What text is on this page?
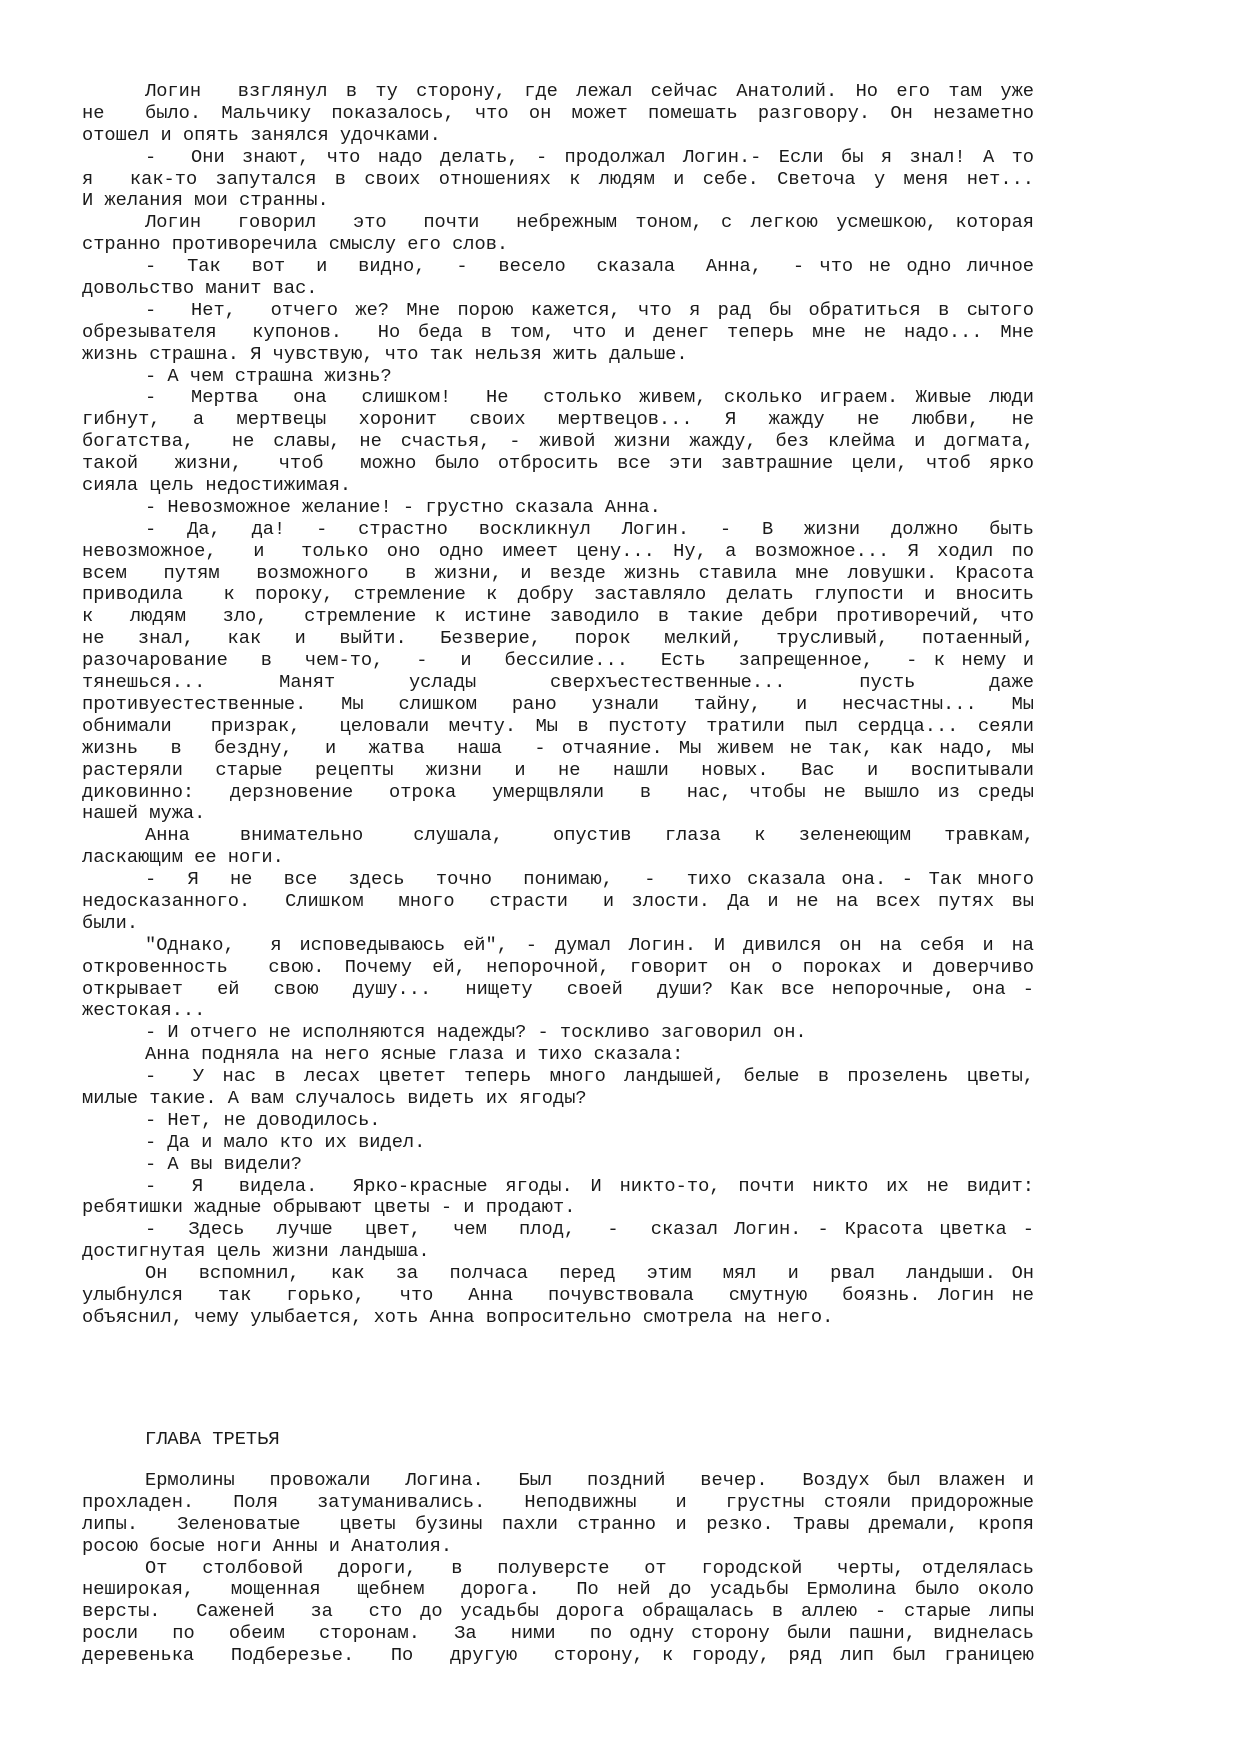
Логин  взглянул в ту сторону, где лежал сейчас Анатолий. Но его там уже
не  было. Мальчику показалось, что он может помешать разговору. Он незаметно
отошел и опять занялся удочками.
-  Они знают, что надо делать, - продолжал Логин.- Если бы я знал! А то
я  как-то запутался в своих отношениях к людям и себе. Светоча у меня нет...
И желания мои странны.
Логин  говорил  это  почти  небрежным тоном, с легкою усмешкою, которая
странно противоречила смыслу его слов.
-  Так  вот  и  видно,  -  весело  сказала  Анна,  - что не одно личное
довольство манит вас.
-  Нет,  отчего же? Мне порою кажется, что я рад бы обратиться в сытого
обрезывателя  купонов.  Но беда в том, что и денег теперь мне не надо... Мне
жизнь страшна. Я чувствую, что так нельзя жить дальше.
- А чем страшна жизнь?
-  Мертва  она  слишком!  Не  столько живем, сколько играем. Живые люди
гибнут,  а  мертвецы  хоронит  своих  мертвецов...  Я  жажду  не  любви,  не
богатства,  не славы, не счастья, - живой жизни жажду, без клейма и догмата,
такой  жизни,  чтоб  можно было отбросить все эти завтрашние цели, чтоб ярко
сияла цель недостижимая.
- Невозможное желание! - грустно сказала Анна.
-  Да,  да!  -  страстно  воскликнул  Логин.  -  В  жизни  должно  быть
невозможное,  и  только оно одно имеет цену... Ну, а возможное... Я ходил по
всем  путям  возможного  в жизни, и везде жизнь ставила мне ловушки. Красота
приводила  к пороку, стремление к добру заставляло делать глупости и вносить
к  людям  зло,  стремление к истине заводило в такие дебри противоречий, что
не  знал,  как  и  выйти.  Безверие,  порок  мелкий,  трусливый,  потаенный,
разочарование  в  чем-то,  -  и  бессилие...  Есть  запрещенное,  - к нему и
тянешься...     Манят     услады     сверхъестественные...     пусть     даже
противуестественные.  Мы  слишком  рано  узнали  тайну,  и  несчастны...  Мы
обнимали  призрак,  целовали мечту. Мы в пустоту тратили пыл сердца... сеяли
жизнь  в  бездну,  и  жатва  наша  - отчаяние. Мы живем не так, как надо, мы
растеряли  старые  рецепты  жизни  и  не  нашли  новых.  Вас  и  воспитывали
диковинно:  дерзновение  отрока  умерщвляли  в  нас, чтобы не вышло из среды
нашей мужа.
Анна   внимательно   слушала,   опустив  глаза  к  зеленеющим  травкам,
ласкающим ее ноги.
-  Я  не  все  здесь  точно  понимаю,  -  тихо сказала она. - Так много
недосказанного.  Слишком  много  страсти  и злости. Да и не на всех путях вы
были.
"Однако,  я исповедываюсь ей", - думал Логин. И дивился он на себя и на
откровенность  свою. Почему ей, непорочной, говорит он о пороках и доверчиво
открывает  ей  свою  душу...  нищету  своей  души? Как все непорочные, она -
жестокая...
- И отчего не исполняются надежды? - тоскливо заговорил он.
Анна подняла на него ясные глаза и тихо сказала:
-  У нас в лесах цветет теперь много ландышей, белые в прозелень цветы,
милые такие. А вам случалось видеть их ягоды?
- Нет, не доводилось.
- Да и мало кто их видел.
- А вы видели?
-  Я  видела.  Ярко-красные ягоды. И никто-то, почти никто их не видит:
ребятишки жадные обрывают цветы - и продают.
-  Здесь  лучше  цвет,  чем  плод,  -  сказал Логин. - Красота цветка -
достигнутая цель жизни ландыша.
Он  вспомнил,  как  за  полчаса  перед  этим  мял  и  рвал  ландыши. Он
улыбнулся  так  горько,  что  Анна  почувствовала  смутную  боязнь. Логин не
объяснил, чему улыбается, хоть Анна вопросительно смотрела на него.
ГЛАВА ТРЕТЬЯ
Ермолины  провожали  Логина.  Был  поздний  вечер.  Воздух был влажен и
прохладен.  Поля  затуманивались.  Неподвижны  и  грустны стояли придорожные
липы.  Зеленоватые  цветы бузины пахли странно и резко. Травы дремали, кропя
росою босые ноги Анны и Анатолия.
От  столбовой  дороги,  в  полуверсте  от  городской  черты, отделялась
неширокая,  мощенная  щебнем  дорога.  По ней до усадьбы Ермолина было около
версты.  Саженей  за  сто до усадьбы дорога обращалась в аллею - старые липы
росли  по  обеим  сторонам.  За  ними  по одну сторону были пашни, виднелась
деревенька  Подберезье.  По  другую  сторону, к городу, ряд лип был границею
